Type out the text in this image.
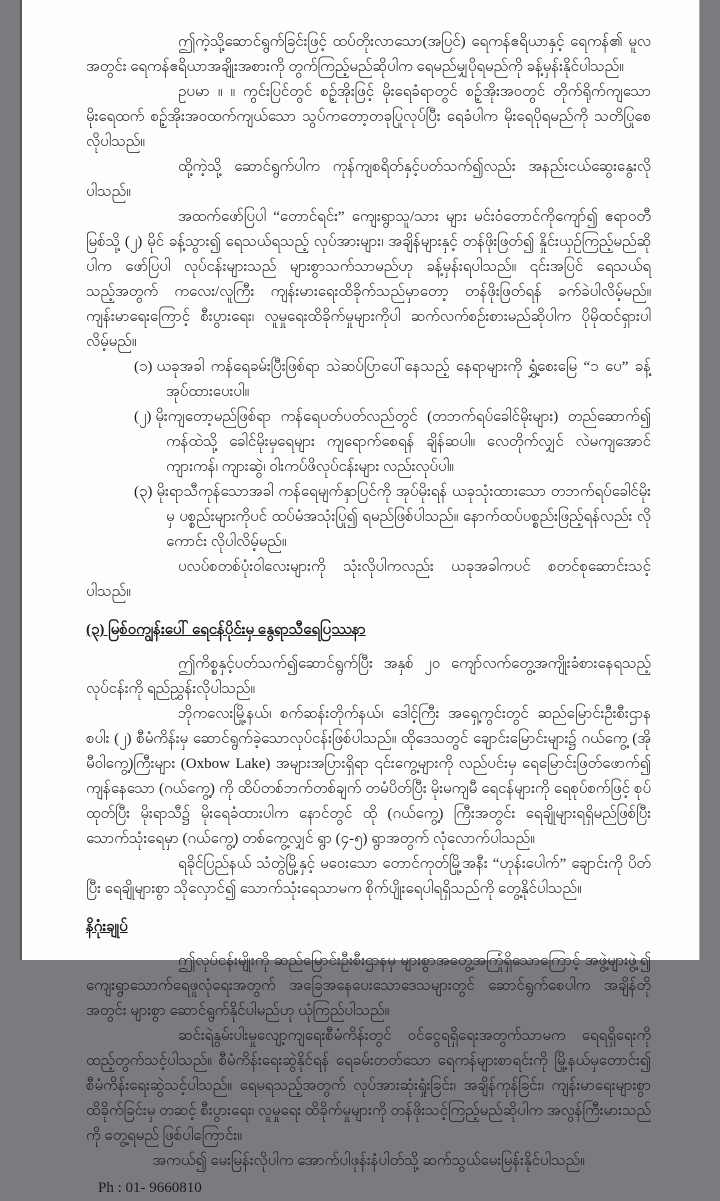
ဤကဲ့သို့ဆောင်ရွက်ခြင်းဖြင့် ထပ်တိုးလာသော(အပြင်) ရေကန်ဧရိယာနှင့် ရေကန်၏ မူလအတွင်း ရေကန်ဧရိယာအချိုးအစားကို တွက်ကြည့်မည်ဆိုပါက ရေမည်မျှပိုရမည်ကို ခန့်မှန်းနိုင်ပါသည်။

ဥပမာ ။ ။ ကွင်းပြင်တွင် စဉ့်အိုးဖြင့် မိုးရေခံရာတွင် စဉ့်အိုးအဝတွင် တိုက်ရိုက်ကျသော မိုးရေထက် စဉ့်အိုးအဝထက်ကျယ်သော သွပ်ကတော့တခုပြုလုပ်ပြီး ရေခံပါက မိုးရေပိုရမည်ကို သတိပြုစေလိုပါသည်။

ထို့ကဲ့သို့ ဆောင်ရွက်ပါက ကုန်ကျစရိတ်နှင့်ပတ်သက်၍လည်း အနည်းငယ်ဆွေးနွေးလိုပါသည်။

အထက်ဖော်ပြပါ “တောင်ရင်း” ကျေးရွာသူ/သား များ မင်းဝံတောင်ကိုကျော်၍ ဧရာဝတီမြစ်သို့ (၂) မိုင် ခန့်သွား၍ ရေသယ်ရသည့် လုပ်အားများ၊ အချိန်များနှင့် တန်ဖိုးဖြတ်၍ နှိုင်းယှဉ်ကြည့်မည်ဆိုပါက ဖော်ပြပါ လုပ်ငန်းများသည် များစွာသက်သာမည်ဟု ခန့်မှန်းရပါသည်။ ၎င်းအပြင် ရေသယ်ရသည့်အတွက် ကလေး/လူကြီး ကျန်းမားရေးထိခိုက်သည်မှာတော့ တန်ဖိုးဖြတ်ရန် ခက်ခဲပါလိမ့်မည်။ ကျန်းမာရေးကြောင့် စီးပွားရေး၊ လူမှုရေးထိခိုက်မှုများကိုပါ ဆက်လက်စဉ်းစားမည်ဆိုပါက ပိုမိုထင်ရှားပါလိမ့်မည်။

(၁) ယခုအခါ ကန်ရေခမ်းပြီးဖြစ်ရာ သဲဆပ်ပြာပေါ်နေသည့် နေရာများကို ရွှံ့စေးမြေ “၁ ပေ” ခန့် အုပ်ထားပေးပါ။

(၂) မိုးကျတော့မည်ဖြစ်ရာ ကန်ရေပတ်ပတ်လည်တွင် (တဘက်ရပ်ခေါင်မိုးများ) တည်ဆောက်၍ ကန်ထဲသို့ ခေါင်မိုးမှရေများ ကျရောက်စေရန် ချိန်ဆပါ။ လေတိုက်လျှင် လဲမကျအောင် ကျားကန်၊ ကျားဆွဲ၊ ဝါးကပ်ဖိလုပ်ငန်းများ လည်းလုပ်ပါ။

(၃) မိုးရာသီကုန်သောအခါ ကန်ရေမျက်နှာပြင်ကို အုပ်မိုးရန် ယခုသုံးထားသော တဘက်ရပ်ခေါင်မိုးမှ ပစ္စည်းများကိုပင် ထပ်မံအသုံးပြု၍ ရမည်ဖြစ်ပါသည်။ နောက်ထပ်ပစ္စည်းဖြည့်ရန်လည်း လိုကောင်း လိုပါလိမ့်မည်။

ပလပ်စတစ်ပုံးဝါလေးများကို သုံးလိုပါကလည်း ယခုအခါကပင် စတင်စုဆောင်းသင့်ပါသည်။

(၃) မြစ်ဝကျွန်းပေါ် ရေငန်ပိုင်းမှ နွေရာသီရေပြဿနာ

ဤကိစ္စနှင့်ပတ်သက်၍ဆောင်ရွက်ပြီး အနှစ် ၂၀ ကျော်လက်တွေ့အကျိုးခံစားနေရသည့် လုပ်ငန်းကို ရည်ညွှန်းလိုပါသည်။

ဘိုကလေးမြို့နယ်၊ စက်ဆန်းတိုက်နယ်၊ ဒေါင့်ကြီး အရှေ့ကွင်းတွင် ဆည်မြောင်းဦးစီးဌာန စပါး (၂) စီမံကိန်းမှ ဆောင်ရွက်ခဲ့သောလုပ်ငန်းဖြစ်ပါသည်။ ထိုဒေသတွင် ချောင်းမြောင်းများ၌ ဂယ်ကွေ့ (အိုမီဝါကွေ့)ကြီးများ (Oxbow Lake) အများအပြားရှိရာ ၎င်းကွေ့များကို လည်ပင်းမှ ရေမြောင်းဖြတ်ဖောက်၍ ကျန်နေသော (ဂယ်ကွေ့) ကို ထိပ်တစ်ဘက်တစ်ချက် တမံပိတ်ပြီး မိုးမကျမီ ရေငန်များကို ရေစုပ်စက်ဖြင့် စုပ်ထုတ်ပြီး မိုးရာသီ၌ မိုးရေခံထားပါက နောင်တွင် ထို (ဂယ်ကွေ့) ကြီးအတွင်း ရေချိုများရရှိမည်ဖြစ်ပြီး သောက်သုံးရေမှာ (ဂယ်ကွေ့) တစ်ကွေ့လျှင် ရွာ (၄-၅) ရွာအတွက် လုံလောက်ပါသည်။

ရခိုင်ပြည်နယ် သံတွဲမြို့နှင့် မဝေးသော တောင်ကုတ်မြို့အနီး “ဟုန်းပေါက်” ချောင်းကို ပိတ်ပြီး ရေချိုများစွာ သိုလှောင်၍ သောက်သုံးရေသာမက စိုက်ပျိုးရေပါရရှိသည်ကို တွေ့နိုင်ပါသည်။

နိဂုံးချုပ်

ဤလုပ်ငန်းမျိုးကို ဆည်မြောင်းဦးစီးဌာနမှ များစွာအတွေ့အကြုံရှိသောကြောင့် အဖွဲ့များဖွဲ့၍ ကျေးရွာသောက်ရေဖူလုံရေးအတွက် အခြေအနေပေးသောဒေသများတွင် ဆောင်ရွက်စေပါက အချိန်တိုအတွင်း များစွာ ဆောင်ရွက်နိုင်ပါမည်ဟု ယုံကြည်ပါသည်။

ဆင်းရဲနွမ်းပါးမှုလျော့ကျရေးစီမံကိန်းတွင် ဝင်ငွေရရှိရေးအတွက်သာမက ရေရရှိရေးကို ထည့်တွက်သင့်ပါသည်။ စီမံကိန်းရေးဆွဲနိုင်ရန် ရေခမ်းတတ်သော ရေကန်များစာရင်းကို မြို့နယ်မှတောင်း၍ စီမံကိန်းရေးဆွဲသင့်ပါသည်။ ရေမရသည့်အတွက် လုပ်အားဆုံးရှုံးခြင်း၊ အချိန်ကုန်ခြင်း၊ ကျန်းမာရေးများစွာ ထိခိုက်ခြင်းမှ တဆင့် စီးပွားရေး၊ လူမှုရေး ထိခိုက်မှုများကို တန်ဖိုးသင့်ကြည့်မည်ဆိုပါက အလွန်ကြီးမားသည်ကို တွေ့ရမည် ဖြစ်ပါကြောင်း။

အကယ်၍ မေးမြန်းလိုပါက အောက်ပါဖုန်းနံပါတ်သို့ ဆက်သွယ်မေးမြန်းနိုင်ပါသည်။

Ph : 01- 9660810
